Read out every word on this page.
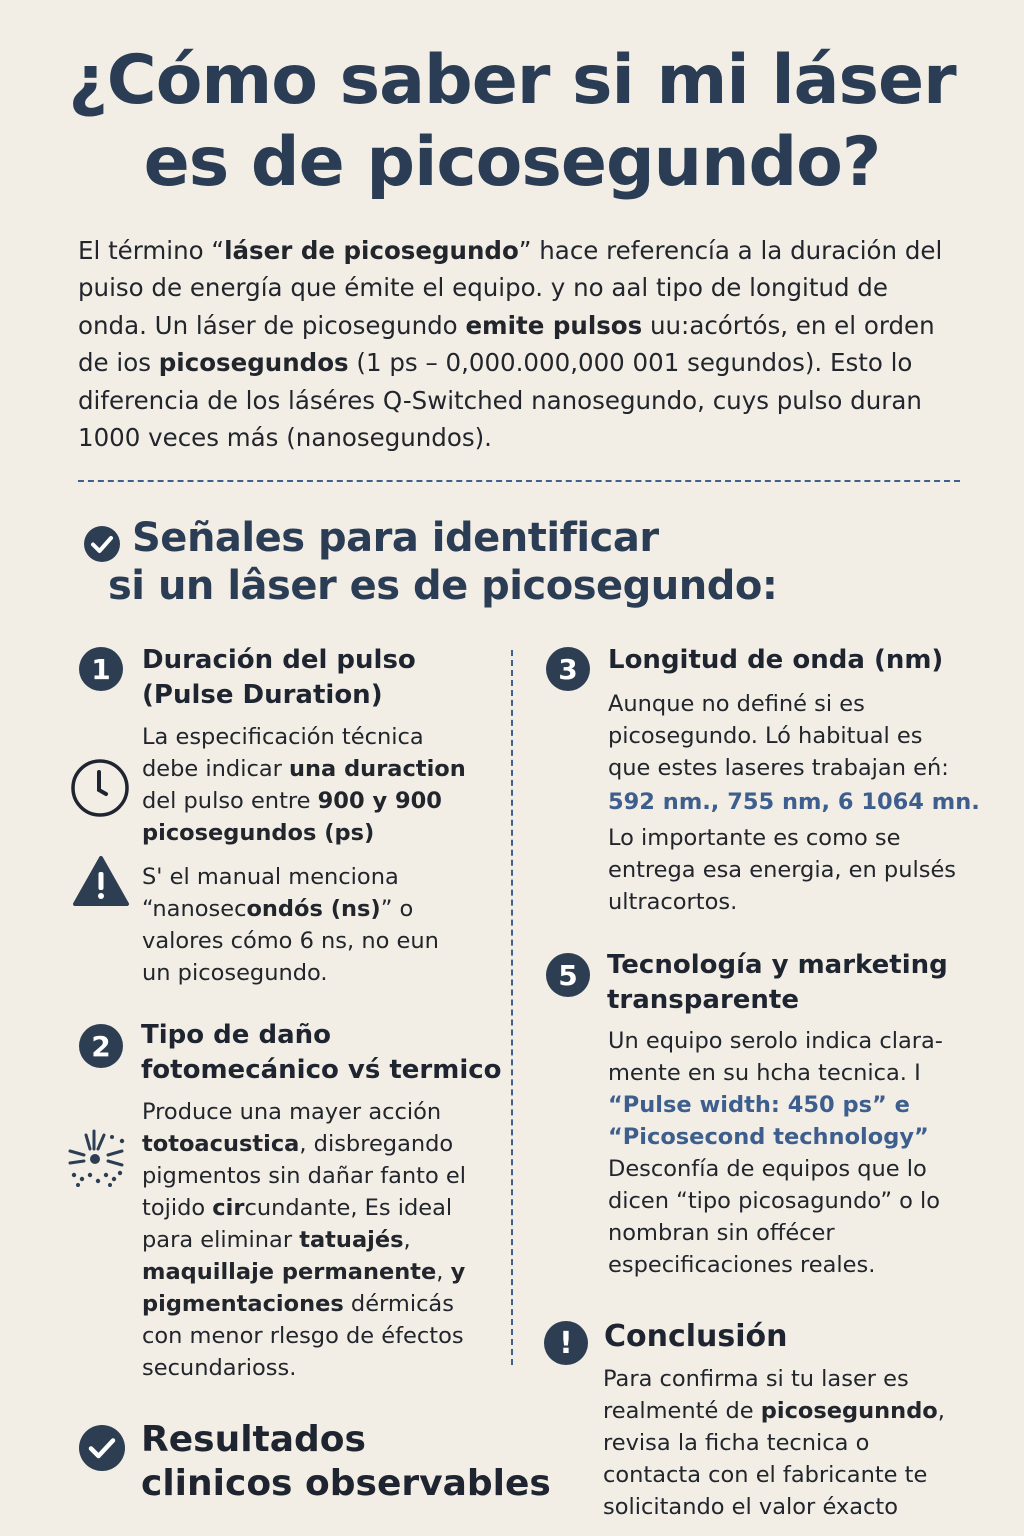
¿Cómo saber si mi láser
es de picosegundo?

El término “láser de picosegundo” hace referencía a la duración del puiso de energía que émite el equipo. y no aal tipo de longitud de onda. Un láser de picosegundo emite pulsos uu:acórtós, en el orden de ios picosegundos (1 ps – 0,000.000,000 001 segundos). Esto lo diferencia de los láséres Q-Switched nanosegundo, cuys pulso duran 1000 veces más (nanosegundos).

Señales para identificar
si un lâser es de picosegundo:
1	Duración del pulso
(Pulse Duration)

La especificación técnica debe indicar una duraction del pulso entre 900 y 900 picosegundos (ps)

S' el manual menciona “nanosecondós (ns)” o valores cómo 6 ns, no eun un picosegundo.

2	Tipo de daño
fotomecánico vś termico

Produce una mayer acción totoacustica, disbregando pigmentos sin dañar fanto el tojido circundante, Es ideal para eliminar tatuajés, maquillaje permanente, y pigmentaciones dérmicás con menor rlesgo de éfectos secundarioss.

Resultados
clinicos observables
3	Longitud de onda (nm)

Aunque no definé si es picosegundo. Ló habitual es que estes laseres trabajan eń:

592 nm., 755 nm, 6 1064 mn.

Lo importante es como se entrega esa energia, en pulsés ultracortos.

5	Tecnología y marketing
transparente

Un equipo serolo indica clara- mente en su hcha tecnica. I

“Pulse width: 450 ps” e

“Picosecond technology”

Desconfía de equipos que lo dicen “tipo picosagundo” o lo nombran sin offécer especificaciones reales.

!	Conclusión

Para confirma si tu laser es realmenté de picosegunndo, revisa la ficha tecnica o contacta con el fabricante te solicitando el valor éxacto
